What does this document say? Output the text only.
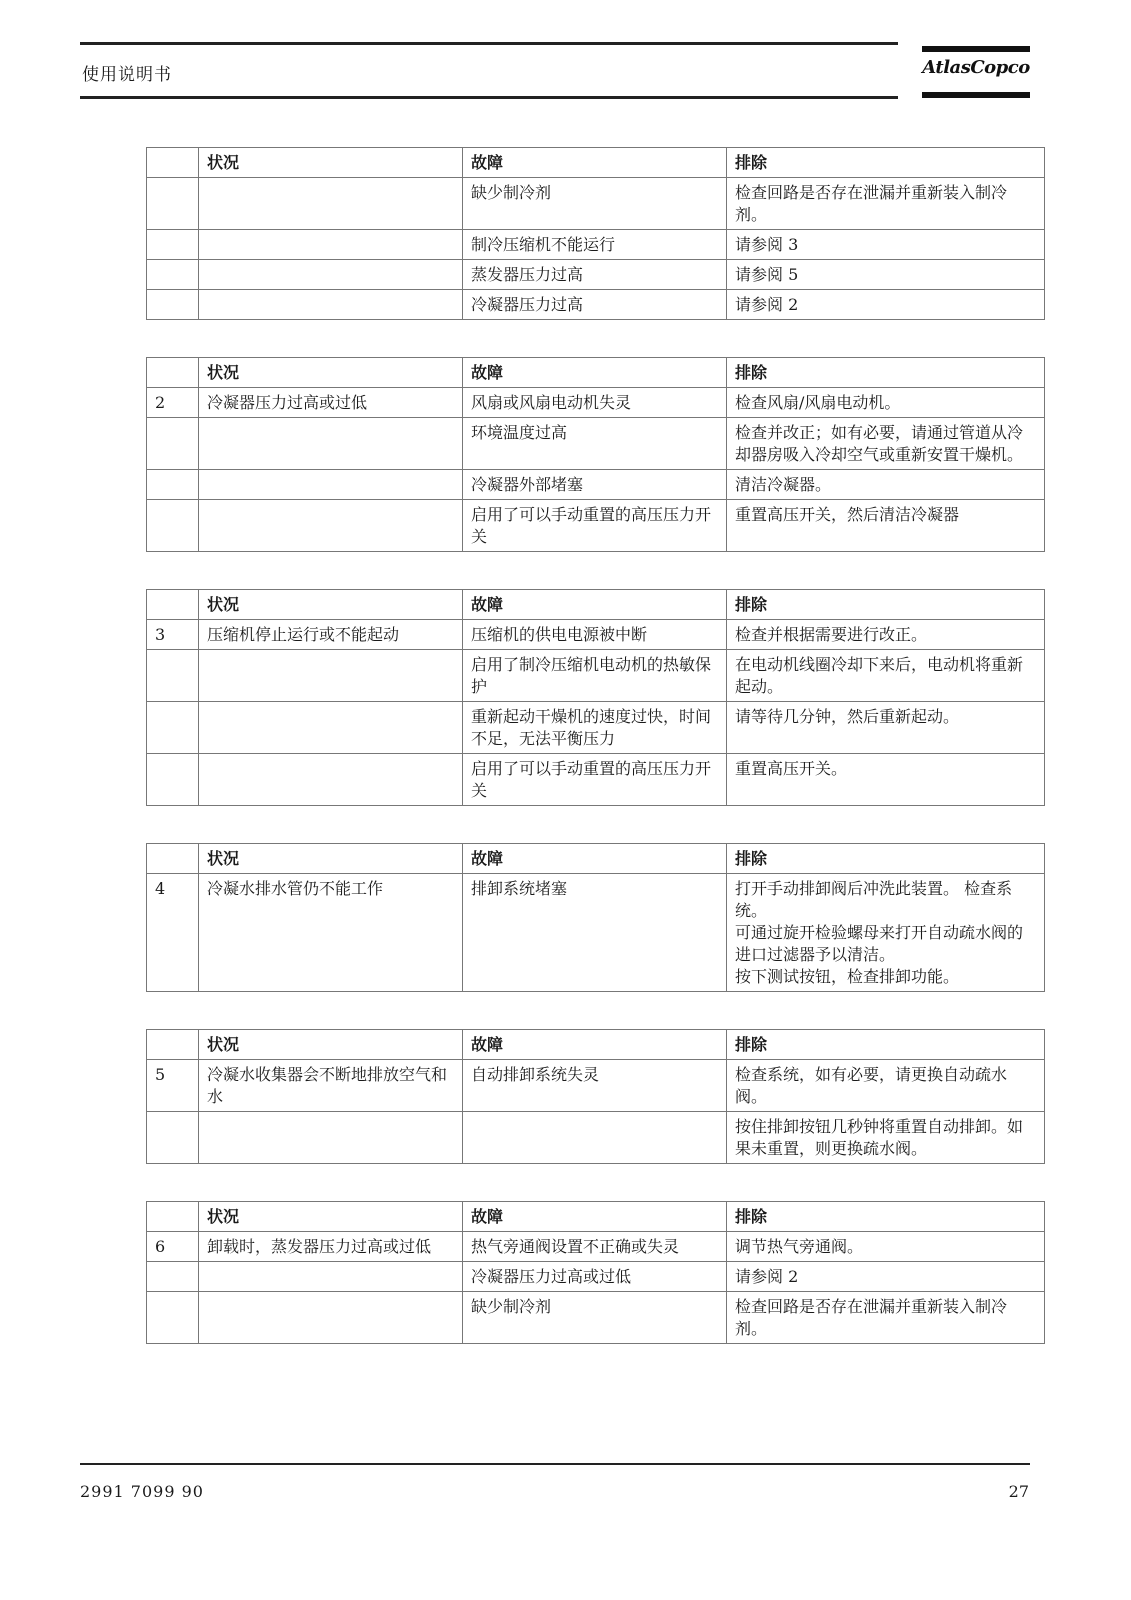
使用说明书	AtlasCopco
	状况	故障	排除
		缺少制冷剂	检查回路是否存在泄漏并重新装入制冷剂。
		制冷压缩机不能运行	请参阅 3
		蒸发器压力过高	请参阅 5
		冷凝器压力过高	请参阅 2
	状况	故障	排除
2	冷凝器压力过高或过低	风扇或风扇电动机失灵	检查风扇/风扇电动机。
		环境温度过高	检查并改正；如有必要，请通过管道从冷却器房吸入冷却空气或重新安置干燥机。
		冷凝器外部堵塞	清洁冷凝器。
		启用了可以手动重置的高压压力开关	重置高压开关，然后清洁冷凝器
	状况	故障	排除
3	压缩机停止运行或不能起动	压缩机的供电电源被中断	检查并根据需要进行改正。
		启用了制冷压缩机电动机的热敏保护	在电动机线圈冷却下来后，电动机将重新起动。
		重新起动干燥机的速度过快，时间不足，无法平衡压力	请等待几分钟，然后重新起动。
		启用了可以手动重置的高压压力开关	重置高压开关。
	状况	故障	排除
4	冷凝水排水管仍不能工作	排卸系统堵塞	打开手动排卸阀后冲洗此装置。 检查系统。
可通过旋开检验螺母来打开自动疏水阀的进口过滤器予以清洁。
按下测试按钮，检查排卸功能。
	状况	故障	排除
5	冷凝水收集器会不断地排放空气和水	自动排卸系统失灵	检查系统，如有必要，请更换自动疏水阀。
			按住排卸按钮几秒钟将重置自动排卸。如果未重置，则更换疏水阀。
	状况	故障	排除
6	卸载时，蒸发器压力过高或过低	热气旁通阀设置不正确或失灵	调节热气旁通阀。
		冷凝器压力过高或过低	请参阅 2
		缺少制冷剂	检查回路是否存在泄漏并重新装入制冷剂。
2991 7099 90	27
